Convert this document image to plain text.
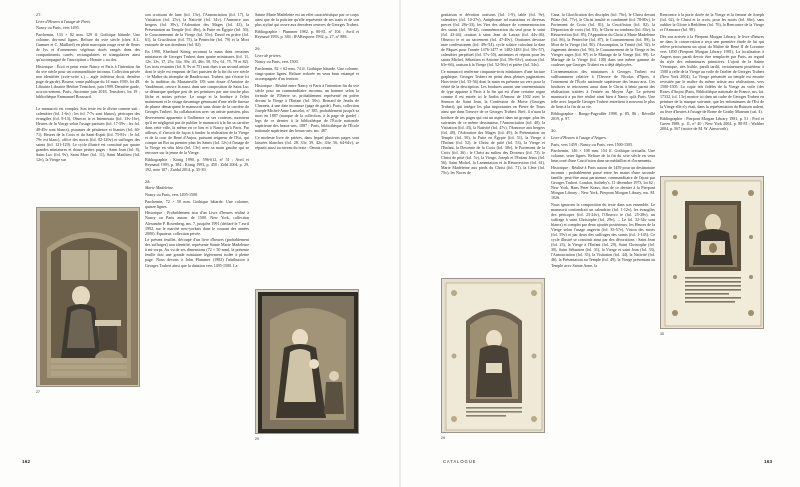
27.

Livre d'Heures à l'usage de Paris.

Nancy ou Paris, vers 1495.

Parchemin, 133 × 82 mm. 129 ff. Gothique bâtarde. Une colonne, dix-neuf lignes. Reliure du xvie siècle (chez A.L. Gumuer et C. Maillard) en plein maroquin rouge orné de fleurs de lys et d'ornements végétaux dorés rangés dans des compartiments carrés, rectangulaires et triangulaires ainsi qu'accompagné de l'inscription « Honate » au dos.

Historique : Écrit et peint entre Nancy et Paris à l'intention fin du xve siècle pour un commanditaire inconnu. Collection privée non identifiée (xvie-xviie s.) – aigle inférieur droit, dernière page de garde). Bourse, vente publique du 14 mars 1939, lot 48. Librairie Librairie Hériber Tenschert, juin 1999. Dernière garde, accrois-sement, Paris, Ancienne juin 2018, Tenschert, lot 19 ; bibliothèque Emmanuel Boussard.

Le manuscrit est complet. Son texte est le divise comme suit : calendrier (fol. 1-6v) ; les fol. 7-7v sont blancs), péricopes des évangiles (fol. 8-13), Obsecro te et Intemerata (fol. 13v-16v), Heures de la Vierge selon l'usage parisien (fol. 17-59v ; les fol. 48-49v sont blancs), psaumes de pénitence et litanies (fol. 60-71), Heures de la Croix et du Saint-Esprit (fol. 75-81v ; le fol. 79v est blanc), office des morts (fol. 82-120v) et suffrages des saints (fol. 121-129). Le cycle illustré est constitué par quatre grandes miniatures et douze petites pages : Saint Jean (fol. 8), Saint Luc (fol. 9v), Saint Marc (fol. 11), Saint Matthieu (fol. 12v), la Vierge sur

son croissant de lune (fol. 13v), l'Annonciation (fol. 17), la Visitation (fol. 25v), la Nativité (fol. 34v), l'Annonce aux bergers (fol. 39v), l'Adoration des Mages (fol. 43), la Présentation au Temple (fol. 46v), la Fuite en Égypte (fol. 50), le Couronnement de la Vierge (fol. 55v), David en prière (fol. 61), la Crucifixion (fol. 75), la Pentecôte (fol. 79) et la Mort entourée de son dombeau (fol. 82).

En 1990, Eberhard König reconnut la main dans certaines miniatures de Georges Trubert dans quatre miniatures (fol. 11, 12v, 13v, 17, 25v, 34v, 39v, 43, 46v, 50, 55v, 61, 75, 79 et 82). Les trois restantes (fol. 8, 9v et 75) sont dues à un second artiste dont le style est emprunt de l'art parisien de la fin du xve siècle : le Maître du triomphe de Baudricourt. Trubert, qui s'écarte ici de la tradition du Martainville 183 sans doute d'Antoine de Vaudémont, oeuvre là aussi, dans une composition de Saint Luc se démarque quelque peu de ses peintures par une touche plus lâche et moins précise. Le rouge et la bordure à l'effet maintenant et le visage davantage gémissant d'une réelle finesse de plume démarquent le manuscrit sans doute de la carrière de Georges Trubert. Sa collaboration avec un artiste parisien, plus diversement apparente à l'influence se ses conteurs, montrent qu'il ne négligeait pas de publier le manuscrit à la fin sa carrière dans cette ville, la même en ce lieu et à Nancy qu'à Paris. Par ailleurs, il s'inscrit de façon à fonder la réalisation de la Vierge et de la cour de René d'Anjou, puissant seigneur de l'Est, qui compte un Roi au premier plan les Saints (fol. 12v) à l'image de la Vierge en vêtu bleu (fol. 13v) avec sa main gauche qui se retrouve sur la jeune de la Vierge.

Bibliographie : König 1990, p. 596-612, n° 51 ; Avril et Reynaud 1993, p. 384 ; König 1993, p. 450 ; Zöhl 2004, p. 29, 192, note 107 ; Zuidal 2014, p. 35-39.

28.

Marie Madeleine.

Nancy ou Paris, vers 1495-1500.

Parchemin, 72 × 50 mm. Gothique bâtarde. Une colonne, quinze lignes.

Historique : Probablement issu d'un Livre d'heures réalisé à Nancy ou Paris autour de 1500. New York, collection Alexandre P. Rosenberg, ms. 7, jusqu'en 1991 (déclaré le 7 avril 1992, sur le marché new-yorkais dans le courant des années 2000). Équateur, collection privée.

Le présent feuillet, découpé d'un livre d'heures (probablement des suffrages) non identifié, représente Sainte Marie Madeleine à mi-corps. Au vu de ses dimensions (72 × 50 mm), la présente feuille doit une grande miniature légèrement isolée à pleine page. Nous devons à John Plummer (1982) l'attribution à Georges Trubert ainsi que la datation vers 1495-1500. La

Sainte Marie Madeleine est un effet caractéristique par ce corps ainsi que de la poitrine qu'elle représente de ses traits et de son plus stylisé qui ouvre aux dernières oeuvres de Georges Trubert.

Bibliographie : Plummer 1982, p. 80-81, n° 104 ; Avril et Reynaud 1993, p. 384 ; IFAResporte 1992, p. 27, n° 888.

29.

Livre de prières.

Nancy ou Paris, vers 1500.

Parchemin, 82 × 62 mm. 74 ff. Gothique bâtarde. Une colonne, vingt-quatre lignes. Reliure redorée en veau brun estampé et accompagnée d'un fermoir.

Historique : Réalisé entre Nancy et Paris à l'intention fin du xve siècle pour un commanditaire inconnu, un homme selon la formule de l'Oberre se, probablement représenté en prière devant la Vierge à l'Enfant (fol. 50v). Bernard de Jeudis de Charnets, à une date inconnue (page de garde). Paris, collection Joseph-Michel-Anne Lancelot, n° 385, probablement jusqu'à sa mort en 1887 (marque de la collection, à la page de garde) ; legs de ce dernier à la bibliothèque de l'École nationale supérieure des beaux-arts, 1887 ; Paris, bibliothèque de l'École nationale supérieure des beaux-arts, ms. 487.

Ce modeste livre de prières, dans lequel plusieurs pages sont laissées blanches (fol. 28, 33v, 39, 42v, 43v, 56, 64-64v), se répartit aussi au niveau du texte : Omnis creatu

27
29
162

gratiarum et dévotion oraisons (fol. 1-9), table (fol. 9v), calendrier (fol. 10-27v), Antiphonae ad matutinas et diversas preces (fol. 28v-33), les Vies des abbaye de commemoracion des saints (fol. 36-42), commémoration du seul pour le saint (fol. 43-44), oraison à saint Jean de Latran (fol. 44v-46), Obsecro te et au sacrement (fol. 47-49v), Orationes devotae ante confessionem (fol. 49v-54), cycle solaire calculant la date de Pâques pour l'année 1476-1477 et 1482-1483 (fol. 50v-57), calendrier perpétuel (fol. 57v-55), antiennes et répons pour les saints Michel, Sébastien et Antoine (fol. 59v-63v), oraison (fol. 63v-66), oraison à la Vierge (fol. 52-56v) et prière (fol. 54v).

Ce manuscrit renferme cinquante-trois miniatures d'une facture graphique. Georges Trubert en peint deux pleines paginations Hors-texte (fol. 55-56) dont la main en présente un vers pour la vérité de la description. Les bordures auront une ornementation de type apparue à Paris à la fin qui est d'une certaine rogne comme il est entrée ici le Jardin d'Amour de 1502 avec le Sermon de Saint Jean, la Confession de Moïse (Georges Trubert), qui intègre les plus importantes en Pierre de Tours ainsi que dans l'oeuvre de ce Georges Trubert. Bref, il n'aura la bordure de ces pages qui ont un aspect dans un groupe, plus les suivantes de ce même dessinateur, l'Annonciation (fol. 40), la Visitation (fol. 43), la Nativité (fol. 47v), l'Annonce aux bergers (fol. 48), l'Adoration des Mages (fol. 49), la Présentation au Temple (fol. 50), la Fuite en Égypte (fol. 51), la Vierge à l'Enfant (fol. 52), le Christ de pitié (fol. 53), la Vierge et l'Enfant, la Descente de la Croix (fol. 38v), le Portement de la Croix (fol. 36) ; le Christ au milieu des Docteurs (fol. 73), le Christ de pitié (fol. 5v), la Vierge, Joseph et l'Enfant Jésus (fol. 56), Saint Michel, la Lamentation et la Résurrection (fol. 61), Marie Madeleine aux pieds du Christ (fol. 71), la Cène (fol. 75v), les Noces de

Cana, la Glorification des disciples (fol. 76v), le Christ devant Pilate (fol. 77v), le Christ insulté et condamné (fol. 78-80v), le Portement de Croix (fol. 81), la Crucifixion (fol. 82), la Déposition de croix (fol. 83), le Christ au tombeau (fol. 84v), la Résurrection (fol. 85), l'Apparition du Christ à Marie Madeleine (fol. 86), la Pentecôte (fol. 87), le Couronnement (fol. 89), la Mort de la Vierge (fol. 90), l'Assomption, la Trinité (fol. 92), le Jugement dernier (fol. 96), le Couronnement de la Vierge et les Vierges sages (fol. 97) et le Mariage de la Vierge (fol. 99). Le Mariage de la Vierge (fol. 100) dans une même gamme de couleurs que Georges Trubert en a déjà déployées.

L'ornementation des miniatures à Georges Trubert est suffisamment relative à l'Oeuvre de Nicolas d'Ypres, à l'ornement de l'École nationale supérieure des beaux-arts. Ces bordures se retrouvent aussi dans le Christ à bénir parmi des réalisations traitées à l'entrée au Moyen Âge. Le présent manuscrit a pu être réalisé ainsi bien à Nancy qu'à Paris. Une telle avec laquelle Georges Trubert entretient à nouveau le plus de liens à la fin de sa vie.

Bibliographie : Bongo-Fagvallée 1998, p. 85, 86 ; Réveillé 2019, p. 97.

30.

Livre d'Heures à l'usage d'Angers.

Paris, vers 1459 ; Nancy ou Paris, vers 1500-1505.

Parchemin, 146 × 108 mm. 154 ff. Gothique textualis. Une colonne, seize lignes. Reliure de la fin du xvie siècle en veau brun orné d'une Crucifixion dans un médaillon et d'ornements.

Historique : Réalisé à Paris autour de 1459 pour un destinataire inconnu ; probablement passé entre les mains d'une seconde famille, peut-être aussi parisienne, commanditaire de l'ajout par Georges Trubert. London, Sotheby's, 11 décembre 1973, lot 62 ; New York, Hans Peter Kraus, don de ce dernier à la Pierpont Morgan Library ; New York, Pierpont Morgan Library, ms. M. 1026.

Nous ignorons la composition du texte dans son ensemble. Le manuscrit contiendrait un calendrier (fol. 1-12v), les évangiles des péricopes (fol. 23-24v), l'Obsecro te (fol. 25-28v), un suffrage à saint Christophe (fol. 29v), ... Le fol. 32-34v sont blancs) et complet par deux ajoutés postérieurs, les Heures de la Vierge selon l'usage angevin (fol. 35-57v), Vision des morts (fol. 59v) et par deux des suffrages des saints (fol. 1-145). Ce cycle illustré se construit ainsi par des décorations : Saint Jean (fol. 23), la Vierge à l'Enfant (fol. 29), Saint Christophe (fol. 30), Saint Sébastien (fol. 31), la Vierge et saint Jean (fol. 33), l'Annonciation (fol. 35), la Visitation (fol. 44), la Nativité (fol. 46), la Présentation au Temple (fol. 49), la Vierge présentant au Temple avec Sainte Anne, la

Rencontre à la porte dorée de la Vierge et la femme de Joseph (fol. 62), le Christ et la croix, pour les morts (fol. 66v), sans oublier la Gloire à Bethléem (fol. 76), la Rencontre de la Vierge et l'Annonce (fol. 98).

Dès son arrivée à la Pierpont Morgan Library, le livre d'heures ne dans la conservation a reçu une première étude de lui qui relève précisément un ajout du Maître de René II de Lorraine vers 1490 (Pierpont Morgan Library 1981). La localisation à Angers nous paraît devoir être remplacée par Paris, au regard du style des enluminures primitives. L'ajout de la Sainte Véronique, très lisible, paraît tardif, certainement postérieur à 1500 à celle de la Vierge au voile de l'atelier de Georges Trubert (New York 2004). La Vierge présentée au temple est ensuite revisitée par le maître du même artiste aux réalisations, vers 1500-1505. La copie tels fidèles de la Vierge au voile (des Roses d'Anjou (Paris, Bibliothèque nationale de France, ms. lat. 17332, fol. 13v) montre ici dans un cadre de Georges Trubert en peinture de la marque suivante, que les enluminures de l'Est de la Vierge elle n'y était, dans la représentation du Buisson ardent, au livre d'heures à l'usage de Rome de Gotthy Museum (cat. 4).

Bibliographie : Pierpont Morgan Library 1981, p. 51 ; Pool et Green 1988, p. 11, n° 40 ; New York 2004, p. 80-81 ; Walther 2004, p. 567 (notice de M. W. Ainsworth).

29
30
CATALOGUE	163
